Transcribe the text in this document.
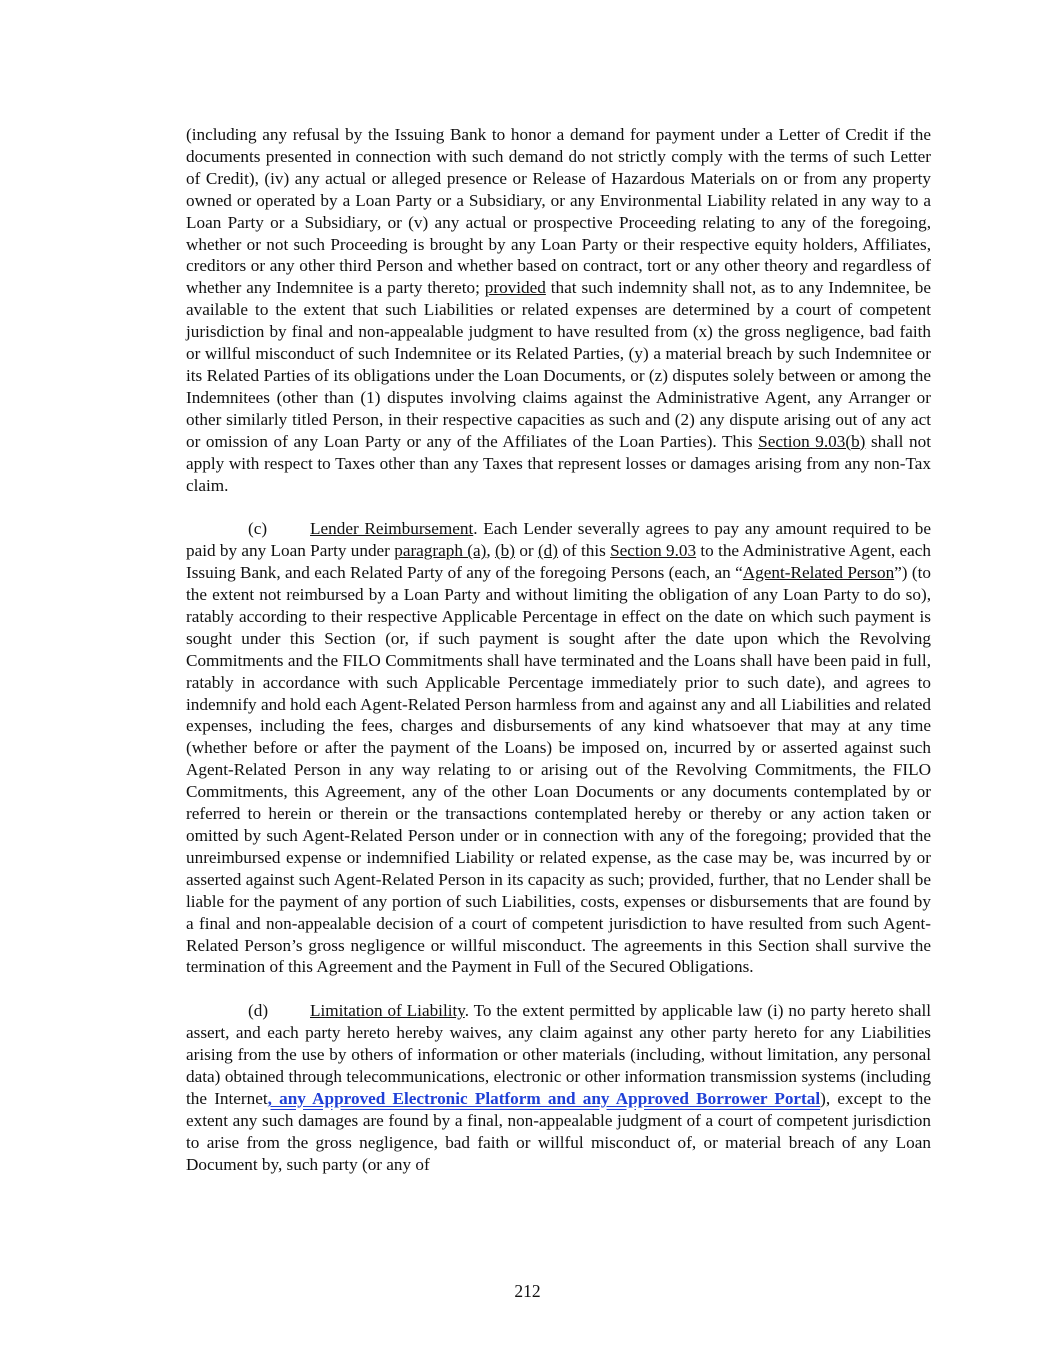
(including any refusal by the Issuing Bank to honor a demand for payment under a Letter of Credit if the documents presented in connection with such demand do not strictly comply with the terms of such Letter of Credit), (iv) any actual or alleged presence or Release of Hazardous Materials on or from any property owned or operated by a Loan Party or a Subsidiary, or any Environmental Liability related in any way to a Loan Party or a Subsidiary, or (v) any actual or prospective Proceeding relating to any of the foregoing, whether or not such Proceeding is brought by any Loan Party or their respective equity holders, Affiliates, creditors or any other third Person and whether based on contract, tort or any other theory and regardless of whether any Indemnitee is a party thereto; provided that such indemnity shall not, as to any Indemnitee, be available to the extent that such Liabilities or related expenses are determined by a court of competent jurisdiction by final and non-appealable judgment to have resulted from (x) the gross negligence, bad faith or willful misconduct of such Indemnitee or its Related Parties, (y) a material breach by such Indemnitee or its Related Parties of its obligations under the Loan Documents, or (z) disputes solely between or among the Indemnitees (other than (1) disputes involving claims against the Administrative Agent, any Arranger or other similarly titled Person, in their respective capacities as such and (2) any dispute arising out of any act or omission of any Loan Party or any of the Affiliates of the Loan Parties). This Section 9.03(b) shall not apply with respect to Taxes other than any Taxes that represent losses or damages arising from any non-Tax claim.

(c) Lender Reimbursement. Each Lender severally agrees to pay any amount required to be paid by any Loan Party under paragraph (a), (b) or (d) of this Section 9.03 to the Administrative Agent, each Issuing Bank, and each Related Party of any of the foregoing Persons (each, an “Agent-Related Person”) (to the extent not reimbursed by a Loan Party and without limiting the obligation of any Loan Party to do so), ratably according to their respective Applicable Percentage in effect on the date on which such payment is sought under this Section (or, if such payment is sought after the date upon which the Revolving Commitments and the FILO Commitments shall have terminated and the Loans shall have been paid in full, ratably in accordance with such Applicable Percentage immediately prior to such date), and agrees to indemnify and hold each Agent-Related Person harmless from and against any and all Liabilities and related expenses, including the fees, charges and disbursements of any kind whatsoever that may at any time (whether before or after the payment of the Loans) be imposed on, incurred by or asserted against such Agent-Related Person in any way relating to or arising out of the Revolving Commitments, the FILO Commitments, this Agreement, any of the other Loan Documents or any documents contemplated by or referred to herein or therein or the transactions contemplated hereby or thereby or any action taken or omitted by such Agent-Related Person under or in connection with any of the foregoing; provided that the unreimbursed expense or indemnified Liability or related expense, as the case may be, was incurred by or asserted against such Agent-Related Person in its capacity as such; provided, further, that no Lender shall be liable for the payment of any portion of such Liabilities, costs, expenses or disbursements that are found by a final and non-appealable decision of a court of competent jurisdiction to have resulted from such Agent-Related Person’s gross negligence or willful misconduct. The agreements in this Section shall survive the termination of this Agreement and the Payment in Full of the Secured Obligations.

(d) Limitation of Liability. To the extent permitted by applicable law (i) no party hereto shall assert, and each party hereto hereby waives, any claim against any other party hereto for any Liabilities arising from the use by others of information or other materials (including, without limitation, any personal data) obtained through telecommunications, electronic or other information transmission systems (including the Internet, any Approved Electronic Platform and any Approved Borrower Portal), except to the extent any such damages are found by a final, non-appealable judgment of a court of competent jurisdiction to arise from the gross negligence, bad faith or willful misconduct of, or material breach of any Loan Document by, such party (or any of

212
